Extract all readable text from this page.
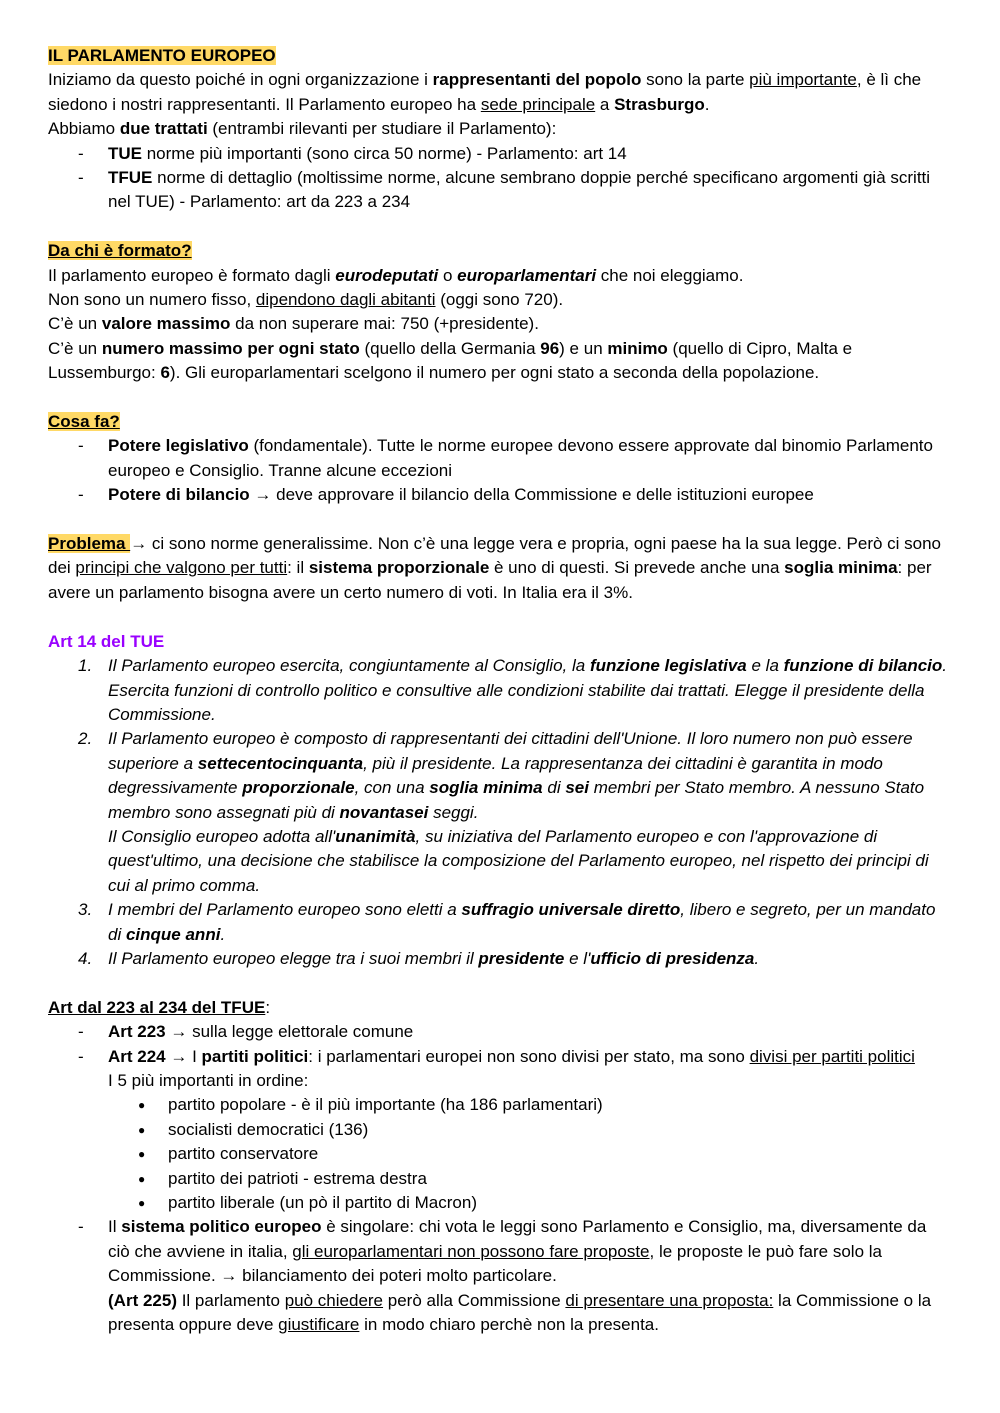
IL PARLAMENTO EUROPEO

Iniziamo da questo poiché in ogni organizzazione i rappresentanti del popolo sono la parte più importante, è lì che siedono i nostri rappresentanti. Il Parlamento europeo ha sede principale a Strasburgo.

Abbiamo due trattati (entrambi rilevanti per studiare il Parlamento):

- TUE norme più importanti (sono circa 50 norme) - Parlamento: art 14
- TFUE norme di dettaglio (moltissime norme, alcune sembrano doppie perché specificano argomenti già scritti nel TUE) - Parlamento: art da 223 a 234

Da chi è formato?

Il parlamento europeo è formato dagli eurodeputati o europarlamentari che noi eleggiamo.

Non sono un numero fisso, dipendono dagli abitanti (oggi sono 720).

C’è un valore massimo da non superare mai: 750 (+presidente).

C’è un numero massimo per ogni stato (quello della Germania 96) e un minimo (quello di Cipro, Malta e Lussemburgo: 6). Gli europarlamentari scelgono il numero per ogni stato a seconda della popolazione.

Cosa fa?

- Potere legislativo (fondamentale). Tutte le norme europee devono essere approvate dal binomio Parlamento europeo e Consiglio. Tranne alcune eccezioni
- Potere di bilancio → deve approvare il bilancio della Commissione e delle istituzioni europee

Problema → ci sono norme generalissime. Non c’è una legge vera e propria, ogni paese ha la sua legge. Però ci sono dei principi che valgono per tutti: il sistema proporzionale è uno di questi. Si prevede anche una soglia minima: per avere un parlamento bisogna avere un certo numero di voti. In Italia era il 3%.

Art 14 del TUE

1. Il Parlamento europeo esercita, congiuntamente al Consiglio, la funzione legislativa e la funzione di bilancio. Esercita funzioni di controllo politico e consultive alle condizioni stabilite dai trattati. Elegge il presidente della Commissione.
2. Il Parlamento europeo è composto di rappresentanti dei cittadini dell'Unione. Il loro numero non può essere superiore a settecentocinquanta, più il presidente. La rappresentanza dei cittadini è garantita in modo degressivamente proporzionale, con una soglia minima di sei membri per Stato membro. A nessuno Stato membro sono assegnati più di novantasei seggi.
Il Consiglio europeo adotta all'unanimità, su iniziativa del Parlamento europeo e con l'approvazione di quest'ultimo, una decisione che stabilisce la composizione del Parlamento europeo, nel rispetto dei principi di cui al primo comma.
3. I membri del Parlamento europeo sono eletti a suffragio universale diretto, libero e segreto, per un mandato di cinque anni.
4. Il Parlamento europeo elegge tra i suoi membri il presidente e l'ufficio di presidenza.

Art dal 223 al 234 del TFUE:

- Art 223 → sulla legge elettorale comune
- Art 224 → I partiti politici: i parlamentari europei non sono divisi per stato, ma sono divisi per partiti politici

I 5 più importanti in ordine:

● partito popolare - è il più importante (ha 186 parlamentari)
● socialisti democratici (136)
● partito conservatore
● partito dei patrioti - estrema destra
● partito liberale (un pò il partito di Macron)
- Il sistema politico europeo è singolare: chi vota le leggi sono Parlamento e Consiglio, ma, diversamente da ciò che avviene in italia, gli europarlamentari non possono fare proposte, le proposte le può fare solo la Commissione. → bilanciamento dei poteri molto particolare.

(Art 225) Il parlamento può chiedere però alla Commissione di presentare una proposta: la Commissione o la presenta oppure deve giustificare in modo chiaro perchè non la presenta.
